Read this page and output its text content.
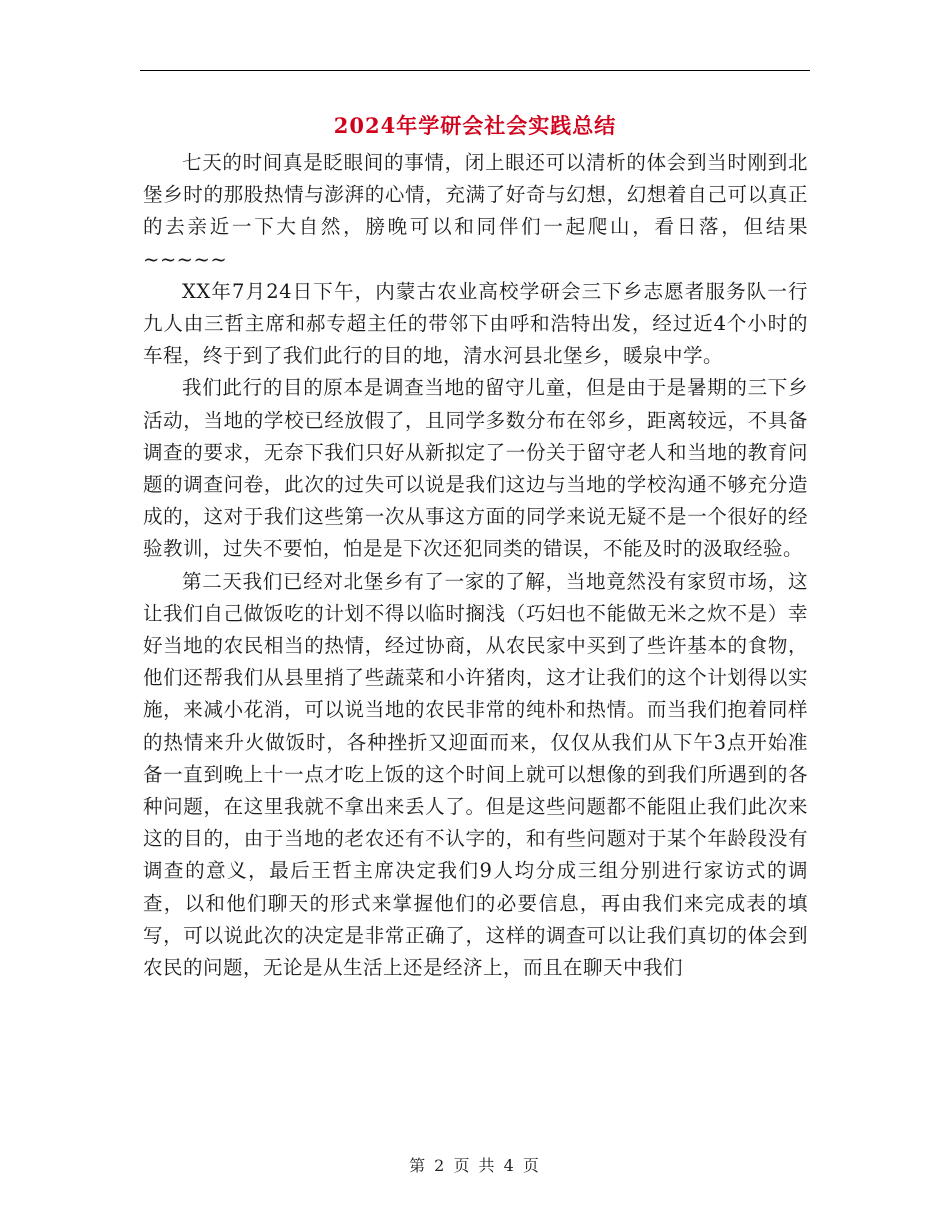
2024年学研会社会实践总结

七天的时间真是眨眼间的事情，闭上眼还可以清析的体会到当时刚到北堡乡时的那股热情与澎湃的心情，充满了好奇与幻想，幻想着自己可以真正的去亲近一下大自然，膀晚可以和同伴们一起爬山，看日落，但结果~~~~~

XX年7月24日下午，内蒙古农业高校学研会三下乡志愿者服务队一行九人由三哲主席和郝专超主任的带邻下由呼和浩特出发，经过近4个小时的车程，终于到了我们此行的目的地，清水河县北堡乡，暖泉中学。

我们此行的目的原本是调查当地的留守儿童，但是由于是暑期的三下乡活动，当地的学校已经放假了，且同学多数分布在邻乡，距离较远，不具备调查的要求，无奈下我们只好从新拟定了一份关于留守老人和当地的教育问题的调查问卷，此次的过失可以说是我们这边与当地的学校沟通不够充分造成的，这对于我们这些第一次从事这方面的同学来说无疑不是一个很好的经验教训，过失不要怕，怕是是下次还犯同类的错误，不能及时的汲取经验。

第二天我们已经对北堡乡有了一家的了解，当地竟然没有家贸市场，这让我们自己做饭吃的计划不得以临时搁浅（巧妇也不能做无米之炊不是）幸好当地的农民相当的热情，经过协商，从农民家中买到了些许基本的食物，他们还帮我们从县里捎了些蔬菜和小许猪肉，这才让我们的这个计划得以实施，来减小花消，可以说当地的农民非常的纯朴和热情。而当我们抱着同样的热情来升火做饭时，各种挫折又迎面而来，仅仅从我们从下午3点开始准备一直到晚上十一点才吃上饭的这个时间上就可以想像的到我们所遇到的各种问题，在这里我就不拿出来丢人了。但是这些问题都不能阻止我们此次来这的目的，由于当地的老农还有不认字的，和有些问题对于某个年龄段没有调查的意义，最后王哲主席决定我们9人均分成三组分别进行家访式的调查，以和他们聊天的形式来掌握他们的必要信息，再由我们来完成表的填写，可以说此次的决定是非常正确了，这样的调查可以让我们真切的体会到农民的问题，无论是从生活上还是经济上，而且在聊天中我们

第 2 页 共 4 页
